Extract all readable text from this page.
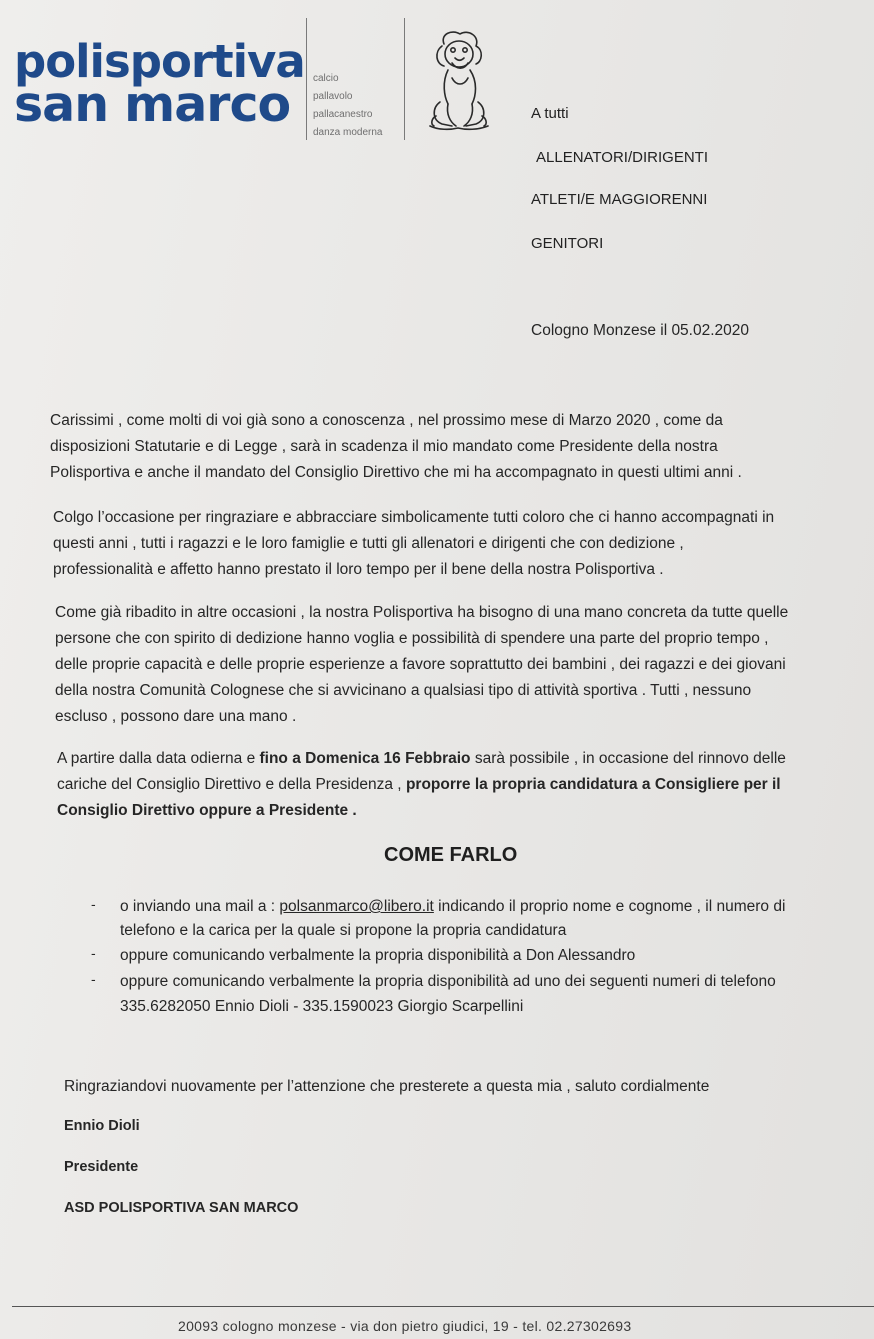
polisportiva
san marco	calcio
pallavolo
pallacanestro
danza moderna
A tutti
ALLENATORI/DIRIGENTI
ATLETI/E MAGGIORENNI
GENITORI
Cologno Monzese il 05.02.2020
Carissimi , come molti di voi già sono a conoscenza , nel prossimo mese di Marzo 2020 , come da
disposizioni Statutarie e di Legge , sarà in scadenza il mio mandato come Presidente della nostra
Polisportiva e anche il mandato del Consiglio Direttivo che mi ha accompagnato in questi ultimi anni .
Colgo l’occasione per ringraziare e abbracciare simbolicamente tutti coloro che ci hanno accompagnati in
questi anni , tutti i ragazzi e le loro famiglie e tutti gli allenatori e dirigenti che con dedizione ,
professionalità e affetto hanno prestato il loro tempo per il bene della nostra Polisportiva .
Come già ribadito in altre occasioni , la nostra Polisportiva ha bisogno di una mano concreta da tutte quelle
persone che con spirito di dedizione hanno voglia e possibilità di spendere una parte del proprio tempo ,
delle proprie capacità e delle proprie esperienze a favore soprattutto dei bambini , dei ragazzi e dei giovani
della nostra Comunità Colognese che si avvicinano a qualsiasi tipo di attività sportiva . Tutti , nessuno
escluso , possono dare una mano .
A partire dalla data odierna e fino a Domenica 16 Febbraio sarà possibile , in occasione del rinnovo delle
cariche del Consiglio Direttivo e della Presidenza , proporre la propria candidatura a Consigliere per il
Consiglio Direttivo oppure a Presidente .
COME FARLO
- o inviando una mail a : polsanmarco@libero.it indicando il proprio nome e cognome , il numero di
telefono e la carica per la quale si propone la propria candidatura
- oppure comunicando verbalmente la propria disponibilità a Don Alessandro
- oppure comunicando verbalmente la propria disponibilità ad uno dei seguenti numeri di telefono
335.6282050 Ennio Dioli - 335.1590023 Giorgio Scarpellini
Ringraziandovi nuovamente per l’attenzione che presterete a questa mia , saluto cordialmente
Ennio Dioli
Presidente
ASD POLISPORTIVA SAN MARCO
20093 cologno monzese - via don pietro giudici, 19 - tel. 02.27302693
